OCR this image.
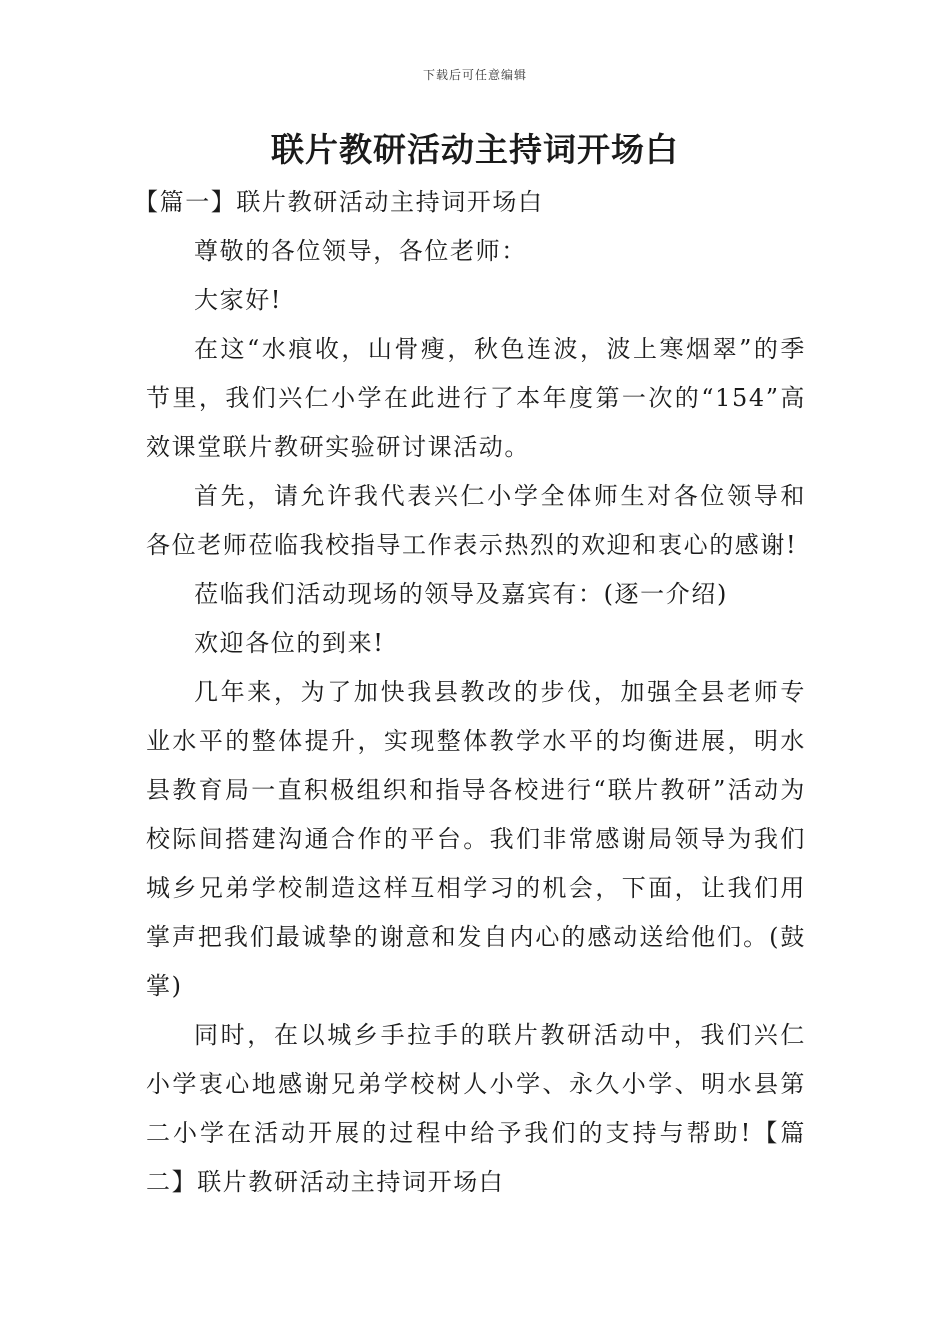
下载后可任意编辑
联片教研活动主持词开场白

【篇一】联片教研活动主持词开场白

尊敬的各位领导，各位老师：

大家好!

在这“水痕收，山骨瘦，秋色连波，波上寒烟翠”的季节里，我们兴仁小学在此进行了本年度第一次的“154”高效课堂联片教研实验研讨课活动。

首先，请允许我代表兴仁小学全体师生对各位领导和各位老师莅临我校指导工作表示热烈的欢迎和衷心的感谢!

莅临我们活动现场的领导及嘉宾有：(逐一介绍)

欢迎各位的到来!

几年来，为了加快我县教改的步伐，加强全县老师专业水平的整体提升，实现整体教学水平的均衡进展，明水县教育局一直积极组织和指导各校进行“联片教研”活动为校际间搭建沟通合作的平台。我们非常感谢局领导为我们城乡兄弟学校制造这样互相学习的机会，下面，让我们用掌声把我们最诚挚的谢意和发自内心的感动送给他们。(鼓掌)

同时，在以城乡手拉手的联片教研活动中，我们兴仁小学衷心地感谢兄弟学校树人小学、永久小学、明水县第二小学在活动开展的过程中给予我们的支持与帮助!【篇二】联片教研活动主持词开场白
